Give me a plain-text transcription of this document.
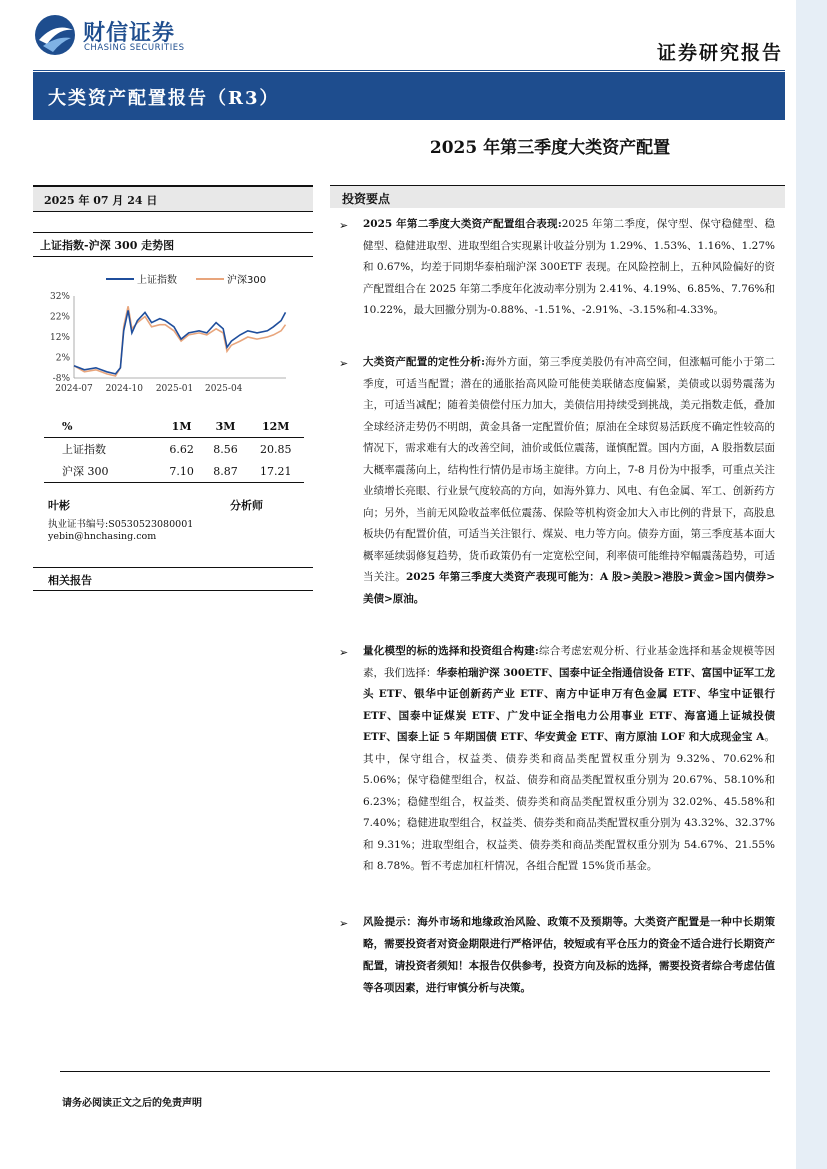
财信证券
CHASING SECURITIES	证券研究报告
大类资产配置报告（R3）
2025 年第三季度大类资产配置
2025 年 07 月 24 日
上证指数-沪深 300 走势图
上证指数	沪深300
32%
22%
12%
2%
-8%
2024-07 2024-10 2025-01 2025-04
%	1M	3M	12M
上证指数	6.62	8.56	20.85
沪深 300	7.10	8.87	17.21
叶彬	分析师
执业证书编号:S0530523080001
yebin@hnchasing.com
相关报告
投资要点
➢ 2025 年第二季度大类资产配置组合表现:2025 年第二季度，保守型、保守稳健型、稳健型、稳健进取型、进取型组合实现累计收益分别为 1.29%、1.53%、1.16%、1.27%和 0.67%，均差于同期华泰柏瑞沪深 300ETF 表现。在风险控制上，五种风险偏好的资产配置组合在 2025 年第二季度年化波动率分别为 2.41%、4.19%、6.85%、7.76%和 10.22%，最大回撤分别为-0.88%、-1.51%、-2.91%、-3.15%和-4.33%。
➢ 大类资产配置的定性分析:海外方面，第三季度美股仍有冲高空间，但涨幅可能小于第二季度，可适当配置；潜在的通胀抬高风险可能使美联储态度偏紧，美债或以弱势震荡为主，可适当减配；随着美债偿付压力加大，美债信用持续受到挑战，美元指数走低，叠加全球经济走势仍不明朗，黄金具备一定配置价值；原油在全球贸易活跃度不确定性较高的情况下，需求难有大的改善空间，油价或低位震荡，谨慎配置。国内方面，A 股指数层面大概率震荡向上，结构性行情仍是市场主旋律。方向上，7-8 月份为中报季，可重点关注业绩增长亮眼、行业景气度较高的方向，如海外算力、风电、有色金属、军工、创新药方向；另外，当前无风险收益率低位震荡、保险等机构资金加大入市比例的背景下，高股息板块仍有配置价值，可适当关注银行、煤炭、电力等方向。债券方面，第三季度基本面大概率延续弱修复趋势，货币政策仍有一定宽松空间，利率债可能维持窄幅震荡趋势，可适当关注。2025 年第三季度大类资产表现可能为：A 股>美股>港股>黄金>国内债券>美债>原油。
➢ 量化模型的标的选择和投资组合构建:综合考虑宏观分析、行业基金选择和基金规模等因素，我们选择：华泰柏瑞沪深 300ETF、国泰中证全指通信设备 ETF、富国中证军工龙头 ETF、银华中证创新药产业 ETF、南方中证申万有色金属 ETF、华宝中证银行 ETF、国泰中证煤炭 ETF、广发中证全指电力公用事业 ETF、海富通上证城投债 ETF、国泰上证 5 年期国债 ETF、华安黄金 ETF、南方原油 LOF 和大成现金宝 A。其中，保守组合，权益类、债券类和商品类配置权重分别为 9.32%、70.62%和 5.06%；保守稳健型组合，权益、债券和商品类配置权重分别为 20.67%、58.10%和 6.23%；稳健型组合，权益类、债券类和商品类配置权重分别为 32.02%、45.58%和 7.40%；稳健进取型组合，权益类、债券类和商品类配置权重分别为 43.32%、32.37%和 9.31%；进取型组合，权益类、债券类和商品类配置权重分别为 54.67%、21.55%和 8.78%。暂不考虑加杠杆情况，各组合配置 15%货币基金。
➢ 风险提示：海外市场和地缘政治风险、政策不及预期等。大类资产配置是一种中长期策略，需要投资者对资金期限进行严格评估，较短或有平仓压力的资金不适合进行长期资产配置，请投资者须知！本报告仅供参考，投资方向及标的选择，需要投资者综合考虑估值等各项因素，进行审慎分析与决策。
请务必阅读正文之后的免责声明
